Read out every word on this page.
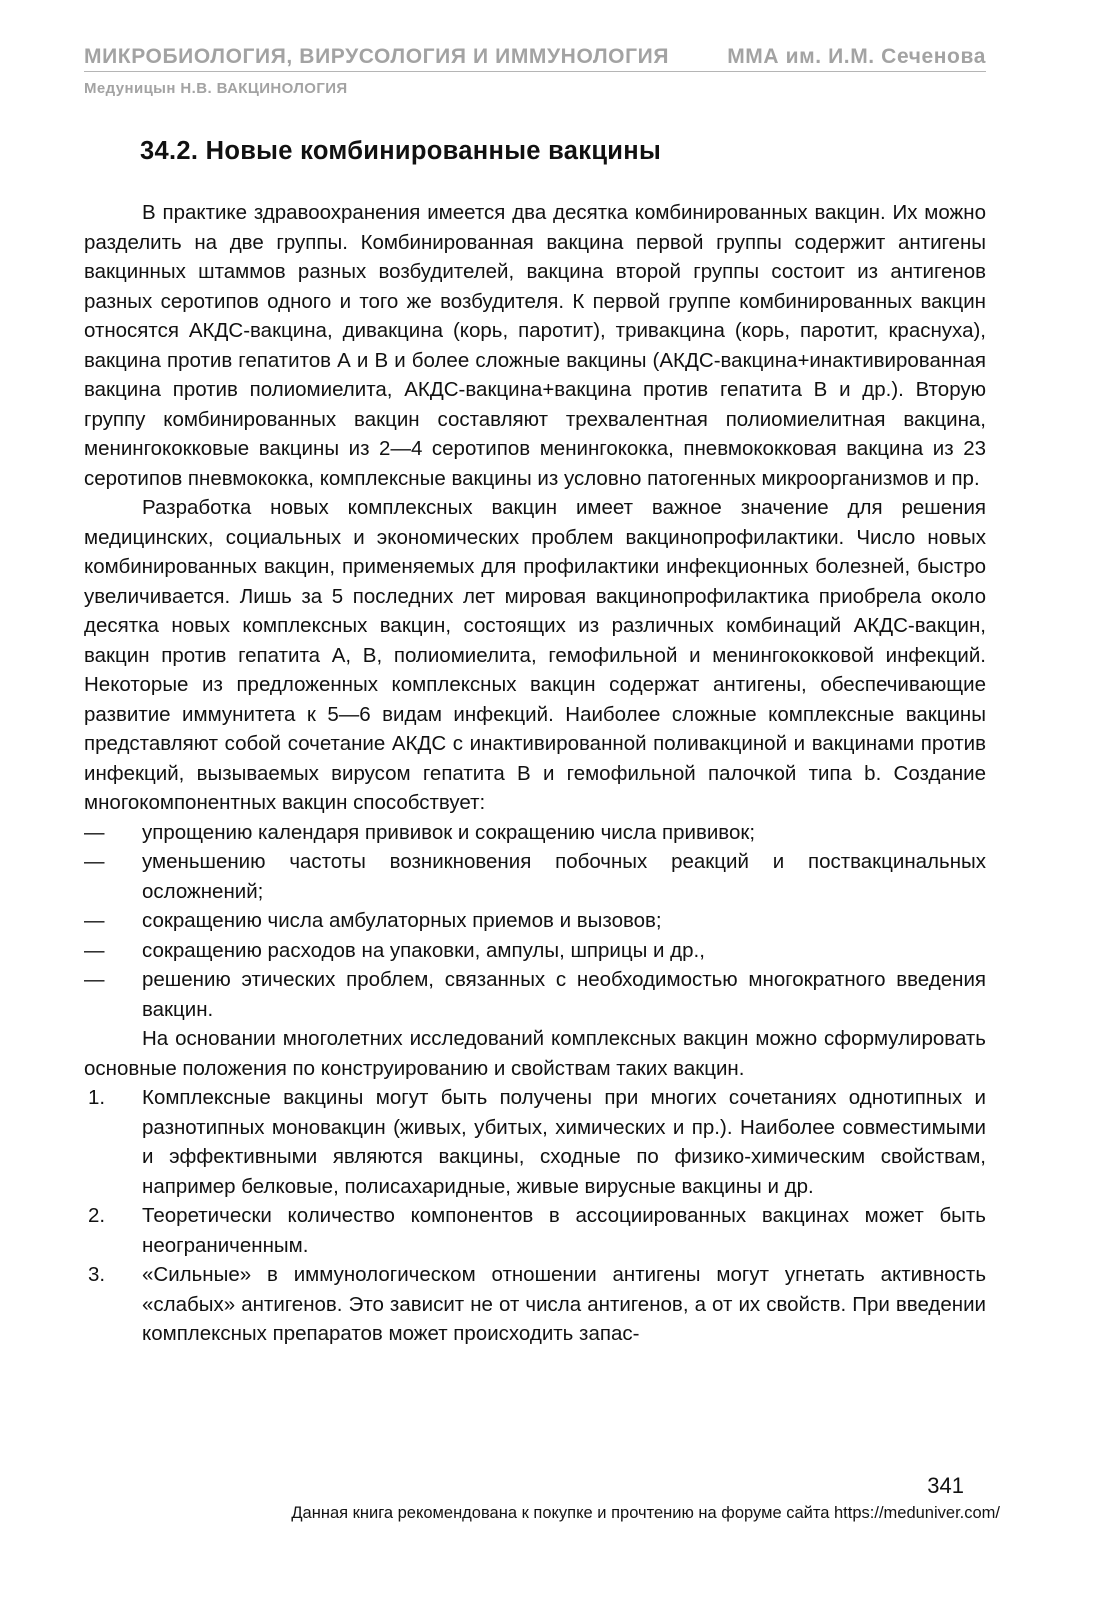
МИКРОБИОЛОГИЯ, ВИРУСОЛОГИЯ И ИММУНОЛОГИЯ	ММА им. И.М. Сеченова
Медуницын Н.В. ВАКЦИНОЛОГИЯ
34.2. Новые комбинированные вакцины

В практике здравоохранения имеется два десятка комбинированных вакцин. Их можно разделить на две группы. Комбинированная вакцина первой группы содержит антигены вакцинных штаммов разных возбудителей, вакцина второй группы состоит из антигенов разных серотипов одного и того же возбудителя. К первой группе комбинированных вакцин относятся АКДС-вакцина, дивакцина (корь, паротит), тривакцина (корь, паротит, краснуха), вакцина против гепатитов А и В и более сложные вакцины (АКДС-вакцина+инактивированная вакцина против полиомиелита, АКДС-вакцина+вакцина против гепатита В и др.). Вторую группу комбинированных вакцин составляют трехвалентная полиомиелитная вакцина, менингококковые вакцины из 2—4 серотипов менингококка, пневмококковая вакцина из 23 серотипов пневмококка, комплексные вакцины из условно патогенных микроорганизмов и пр.

Разработка новых комплексных вакцин имеет важное значение для решения медицинских, социальных и экономических проблем вакцинопрофилактики. Число новых комбинированных вакцин, применяемых для профилактики инфекционных болезней, быстро увеличивается. Лишь за 5 последних лет мировая вакцинопрофилактика приобрела около десятка новых комплексных вакцин, состоящих из различных комбинаций АКДС-вакцин, вакцин против гепатита А, В, полиомиелита, гемофильной и менингококковой инфекций. Некоторые из предложенных комплексных вакцин содержат антигены, обеспечивающие развитие иммунитета к 5—6 видам инфекций. Наиболее сложные комплексные вакцины представляют собой сочетание АКДС с инактивированной поливакциной и вакцинами против инфекций, вызываемых вирусом гепатита В и гемофильной палочкой типа b. Создание многокомпонентных вакцин способствует:

— упрощению календаря прививок и сокращению числа прививок;
— уменьшению частоты возникновения побочных реакций и поствакцинальных осложнений;
— сокращению числа амбулаторных приемов и вызовов;
— сокращению расходов на упаковки, ампулы, шприцы и др.,
— решению этических проблем, связанных с необходимостью многократного введения вакцин.

На основании многолетних исследований комплексных вакцин можно сформулировать основные положения по конструированию и свойствам таких вакцин.

1. Комплексные вакцины могут быть получены при многих сочетаниях однотипных и разнотипных моновакцин (живых, убитых, химических и пр.). Наиболее совместимыми и эффективными являются вакцины, сходные по физико-химическим свойствам, например белковые, полисахаридные, живые вирусные вакцины и др.
2. Теоретически количество компонентов в ассоциированных вакцинах может быть неограниченным.
3. «Сильные» в иммунологическом отношении антигены могут угнетать активность «слабых» антигенов. Это зависит не от числа антигенов, а от их свойств. При введении комплексных препаратов может происходить запас-
341
Данная книга рекомендована к покупке и прочтению на форуме сайта https://meduniver.com/
